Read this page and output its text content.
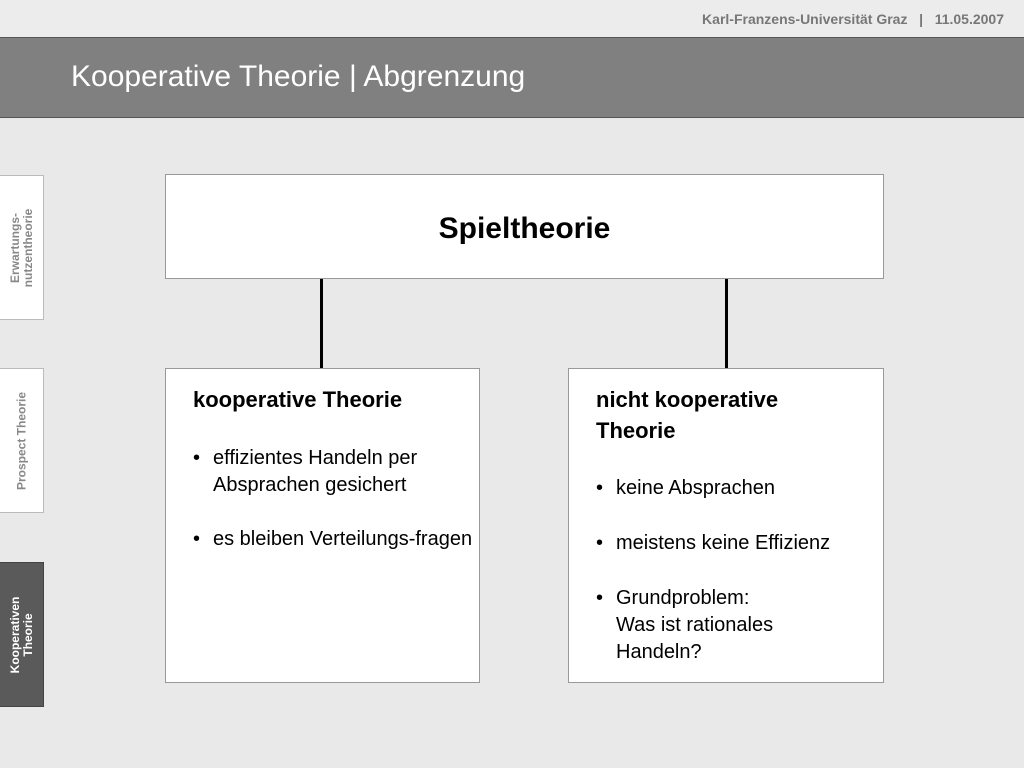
Karl-Franzens-Universität Graz   |   11.05.2007
Kooperative Theorie | Abgrenzung
Erwartungs-
nutzentheorie
Prospect Theorie
Kooperativen
Theorie
Spieltheorie
kooperative Theorie
• effizientes Handeln per Absprachen gesichert
• es bleiben Verteilungs-fragen
nicht kooperative
Theorie
• keine Absprachen
• meistens keine Effizienz
• Grundproblem:
Was ist rationales
Handeln?
